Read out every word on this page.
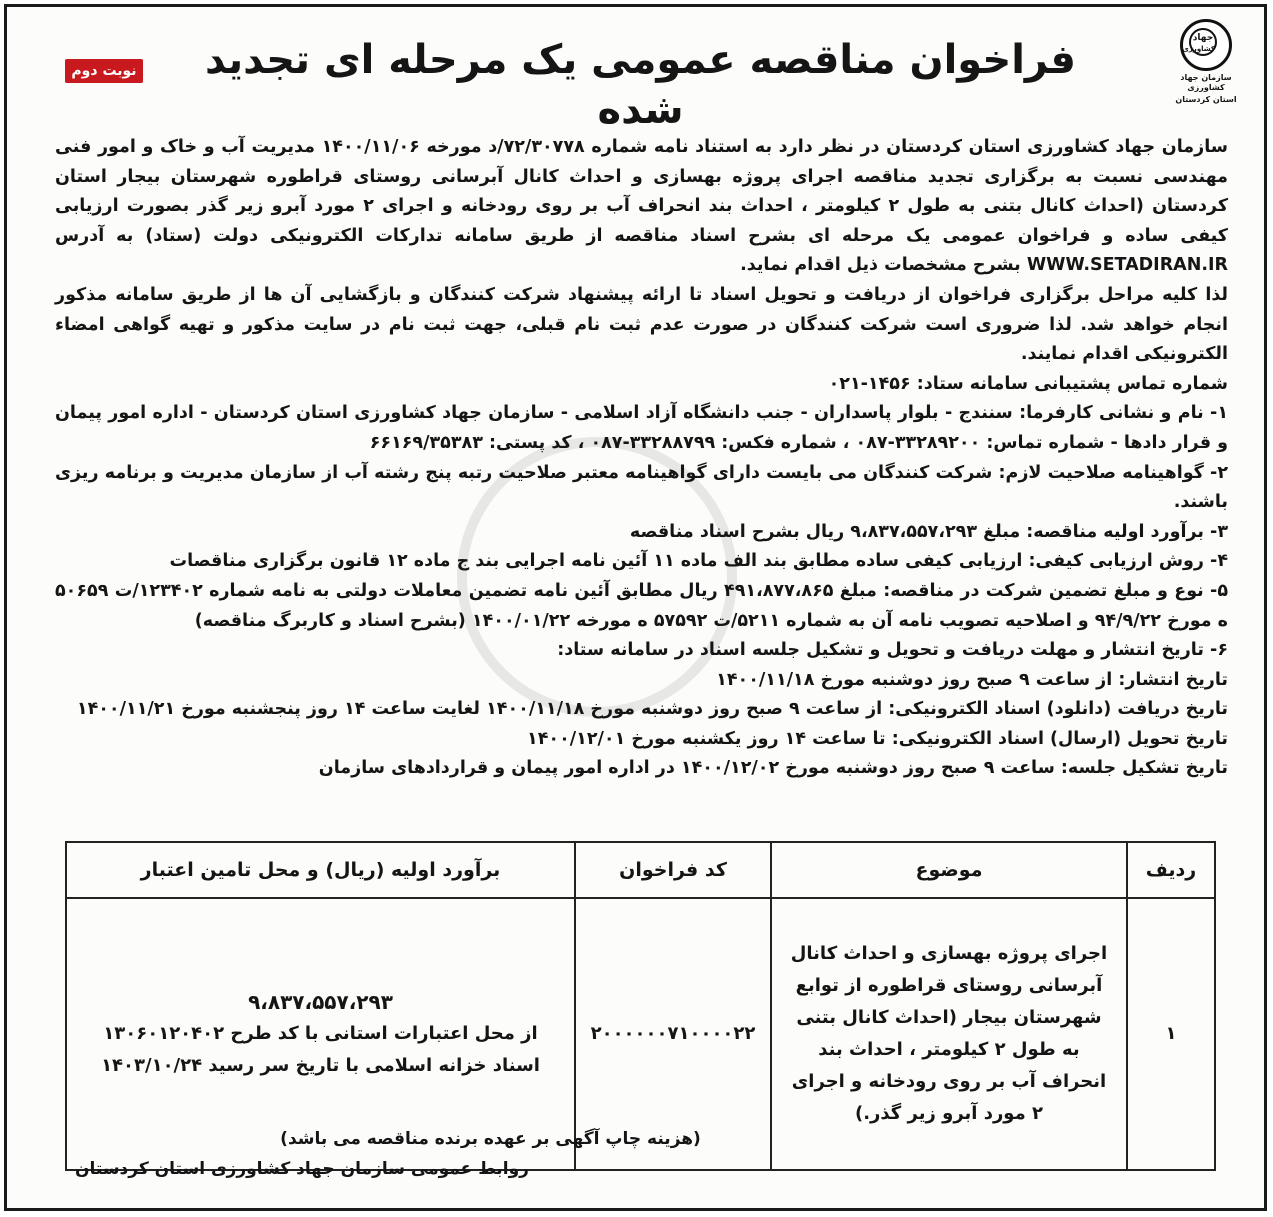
جهاد
کشاورزی
سازمان جهاد کشاورزی
استان کردستان
فراخوان مناقصه عمومی یک مرحله ای تجدید شده
نوبت دوم

سازمان جهاد کشاورزی استان کردستان در نظر دارد به استناد نامه شماره ۷۲/۳۰۷۷۸/د مورخه ۱۴۰۰/۱۱/۰۶ مدیریت آب و خاک و امور فنی مهندسی نسبت به برگزاری تجدید مناقصه اجرای پروژه بهسازی و احداث کانال آبرسانی روستای قراطوره شهرستان بیجار استان کردستان (احداث کانال بتنی به طول ۲ کیلومتر ، احداث بند انحراف آب بر روی رودخانه و اجرای ۲ مورد آبرو زیر گذر بصورت ارزیابی کیفی ساده و فراخوان عمومی یک مرحله ای بشرح اسناد مناقصه از طریق سامانه تدارکات الکترونیکی دولت (ستاد) به آدرس WWW.SETADIRAN.IR بشرح مشخصات ذیل اقدام نماید.

لذا کلیه مراحل برگزاری فراخوان از دریافت و تحویل اسناد تا ارائه پیشنهاد شرکت کنندگان و بازگشایی آن ها از طریق سامانه مذکور انجام خواهد شد. لذا ضروری است شرکت کنندگان در صورت عدم ثبت نام قبلی، جهت ثبت نام در سایت مذکور و تهیه گواهی امضاء الکترونیکی اقدام نمایند.

شماره تماس پشتیبانی سامانه ستاد: ۱۴۵۶-۰۲۱

۱- نام و نشانی کارفرما: سنندج - بلوار پاسداران - جنب دانشگاه آزاد اسلامی - سازمان جهاد کشاورزی استان کردستان - اداره امور پیمان و قرار دادها - شماره تماس: ۳۳۲۸۹۲۰۰-۰۸۷ ، شماره فکس: ۳۳۲۸۸۷۹۹-۰۸۷ ، کد پستی: ۶۶۱۶۹/۳۵۳۸۳

۲- گواهینامه صلاحیت لازم: شرکت کنندگان می بایست دارای گواهینامه معتبر صلاحیت رتبه پنج رشته آب از سازمان مدیریت و برنامه ریزی باشند.

۳- برآورد اولیه مناقصه: مبلغ ۹،۸۳۷،۵۵۷،۲۹۳ ریال بشرح اسناد مناقصه

۴- روش ارزیابی کیفی: ارزیابی کیفی ساده مطابق بند الف ماده ۱۱ آئین نامه اجرایی بند ج ماده ۱۲ قانون برگزاری مناقصات

۵- نوع و مبلغ تضمین شرکت در مناقصه: مبلغ ۴۹۱،۸۷۷،۸۶۵ ریال مطابق آئین نامه تضمین معاملات دولتی به نامه شماره ۱۲۳۴۰۲/ت ۵۰۶۵۹ ه مورخ ۹۴/۹/۲۲ و اصلاحیه تصویب نامه آن به شماره ۵۲۱۱/ت ۵۷۵۹۲ ه مورخه ۱۴۰۰/۰۱/۲۲ (بشرح اسناد و کاربرگ مناقصه)

۶- تاریخ انتشار و مهلت دریافت و تحویل و تشکیل جلسه اسناد در سامانه ستاد:

تاریخ انتشار: از ساعت ۹ صبح روز دوشنبه مورخ ۱۴۰۰/۱۱/۱۸

تاریخ دریافت (دانلود) اسناد الکترونیکی: از ساعت ۹ صبح روز دوشنبه مورخ ۱۴۰۰/۱۱/۱۸ لغایت ساعت ۱۴ روز پنجشنبه مورخ ۱۴۰۰/۱۱/۲۱

تاریخ تحویل (ارسال) اسناد الکترونیکی: تا ساعت ۱۴ روز یکشنبه مورخ ۱۴۰۰/۱۲/۰۱

تاریخ تشکیل جلسه: ساعت ۹ صبح روز دوشنبه مورخ ۱۴۰۰/۱۲/۰۲ در اداره امور پیمان و قراردادهای سازمان

ردیف	موضوع	کد فراخوان	برآورد اولیه (ریال) و محل تامین اعتبار
۱	اجرای پروژه بهسازی و احداث کانال آبرسانی روستای قراطوره از توابع شهرستان بیجار (احداث کانال بتنی به طول ۲ کیلومتر ، احداث بند انحراف آب بر روی رودخانه و اجرای ۲ مورد آبرو زیر گذر.)	۲۰۰۰۰۰۰۷۱۰۰۰۰۲۲	۹،۸۳۷،۵۵۷،۲۹۳
از محل اعتبارات استانی با کد طرح ۱۳۰۶۰۱۲۰۴۰۲
اسناد خزانه اسلامی با تاریخ سر رسید ۱۴۰۳/۱۰/۲۴
(هزینه چاپ آگهی بر عهده برنده مناقصه می باشد)
روابط عمومی سازمان جهاد کشاورزی استان کردستان
